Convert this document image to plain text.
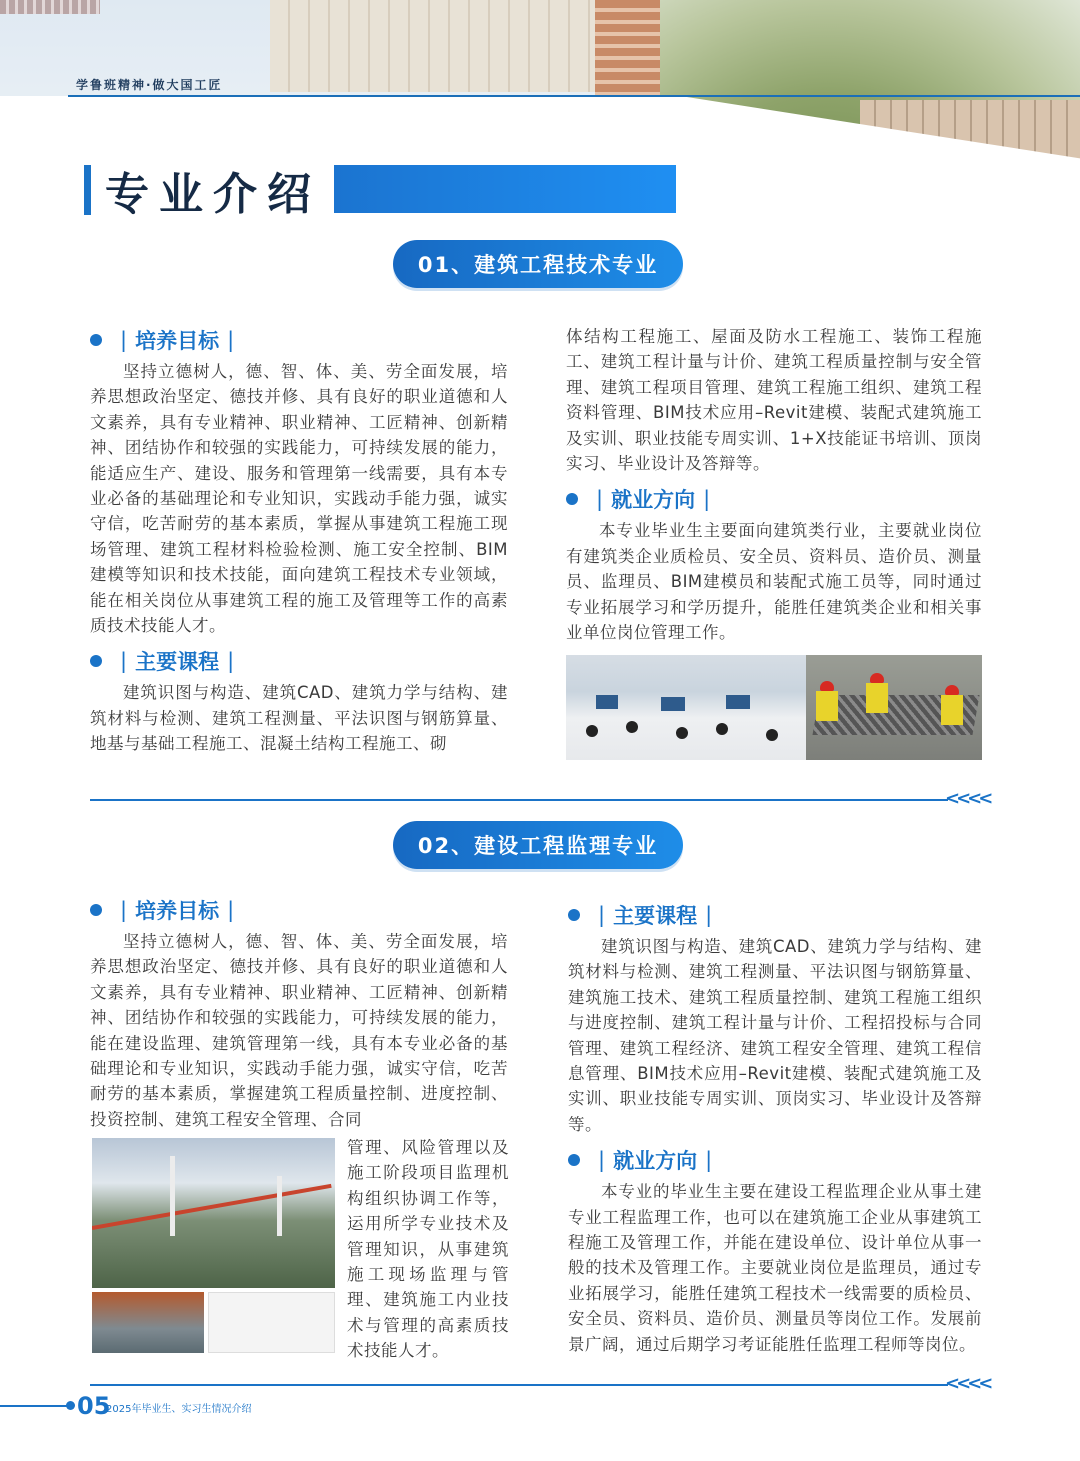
学鲁班精神·做大国工匠
专业介绍
01、建筑工程技术专业
| 培养目标 |

坚持立德树人，德、智、体、美、劳全面发展，培养思想政治坚定、德技并修、具有良好的职业道德和人文素养，具有专业精神、职业精神、工匠精神、创新精神、团结协作和较强的实践能力，可持续发展的能力，能适应生产、建设、服务和管理第一线需要，具有本专业必备的基础理论和专业知识，实践动手能力强，诚实守信，吃苦耐劳的基本素质，掌握从事建筑工程施工现场管理、建筑工程材料检验检测、施工安全控制、BIM建模等知识和技术技能，面向建筑工程技术专业领域，能在相关岗位从事建筑工程的施工及管理等工作的高素质技术技能人才。

| 主要课程 |

建筑识图与构造、建筑CAD、建筑力学与结构、建筑材料与检测、建筑工程测量、平法识图与钢筋算量、地基与基础工程施工、混凝土结构工程施工、砌

体结构工程施工、屋面及防水工程施工、装饰工程施工、建筑工程计量与计价、建筑工程质量控制与安全管理、建筑工程项目管理、建筑工程施工组织、建筑工程资料管理、BIM技术应用–Revit建模、装配式建筑施工及实训、职业技能专周实训、1+X技能证书培训、顶岗实习、毕业设计及答辩等。

| 就业方向 |

本专业毕业生主要面向建筑类行业，主要就业岗位有建筑类企业质检员、安全员、资料员、造价员、测量员、监理员、BIM建模员和装配式施工员等，同时通过专业拓展学习和学历提升，能胜任建筑类企业和相关事业单位岗位管理工作。

<<<<
02、建设工程监理专业
| 培养目标 |

坚持立德树人，德、智、体、美、劳全面发展，培养思想政治坚定、德技并修、具有良好的职业道德和人文素养，具有专业精神、职业精神、工匠精神、创新精神、团结协作和较强的实践能力，可持续发展的能力，能在建设监理、建筑管理第一线，具有本专业必备的基础理论和专业知识，实践动手能力强，诚实守信，吃苦耐劳的基本素质，掌握建筑工程质量控制、进度控制、投资控制、建筑工程安全管理、合同

管理、风险管理以及施工阶段项目监理机构组织协调工作等，运用所学专业技术及管理知识，从事建筑施工现场监理与管理、建筑施工内业技术与管理的高素质技术技能人才。

| 主要课程 |

建筑识图与构造、建筑CAD、建筑力学与结构、建筑材料与检测、建筑工程测量、平法识图与钢筋算量、建筑施工技术、建筑工程质量控制、建筑工程施工组织与进度控制、建筑工程计量与计价、工程招投标与合同管理、建筑工程经济、建筑工程安全管理、建筑工程信息管理、BIM技术应用–Revit建模、装配式建筑施工及实训、职业技能专周实训、顶岗实习、毕业设计及答辩等。

| 就业方向 |

本专业的毕业生主要在建设工程监理企业从事土建专业工程监理工作，也可以在建筑施工企业从事建筑工程施工及管理工作，并能在建设单位、设计单位从事一般的技术及管理工作。主要就业岗位是监理员，通过专业拓展学习，能胜任建筑工程技术一线需要的质检员、安全员、资料员、造价员、测量员等岗位工作。发展前景广阔，通过后期学习考证能胜任监理工程师等岗位。

<<<<
05
2025年毕业生、实习生情况介绍
